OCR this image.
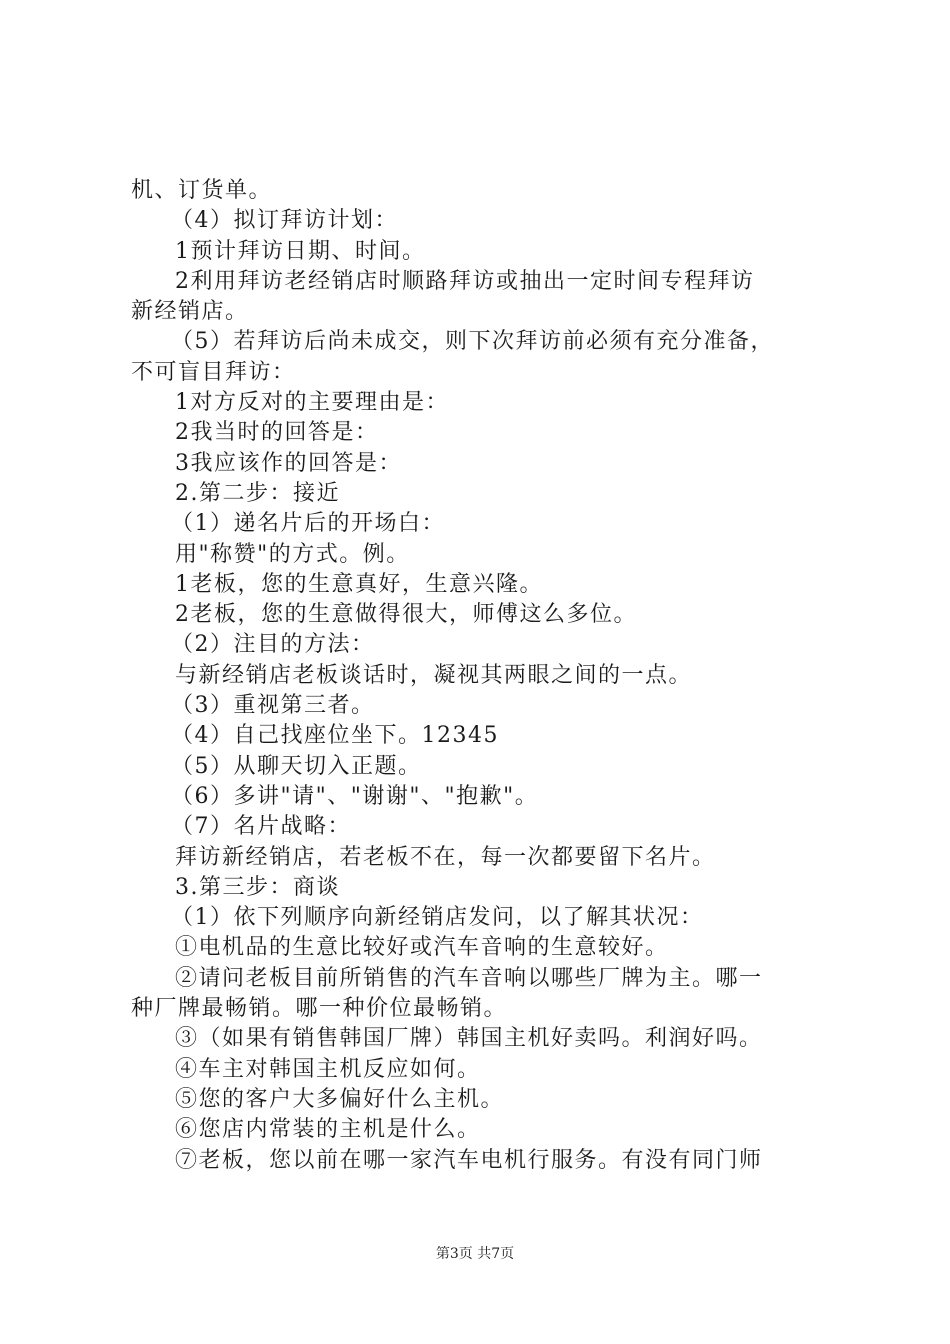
机、订货单。

（4）拟订拜访计划：

1预计拜访日期、时间。

2利用拜访老经销店时顺路拜访或抽出一定时间专程拜访

新经销店。

（5）若拜访后尚未成交，则下次拜访前必须有充分准备，

不可盲目拜访：

1对方反对的主要理由是：

2我当时的回答是：

3我应该作的回答是：

2.第二步：接近

（1）递名片后的开场白：

用"称赞"的方式。例。

1老板，您的生意真好，生意兴隆。

2老板，您的生意做得很大，师傅这么多位。

（2）注目的方法：

与新经销店老板谈话时，凝视其两眼之间的一点。

（3）重视第三者。

（4）自己找座位坐下。12345

（5）从聊天切入正题。

（6）多讲"请"、"谢谢"、"抱歉"。

（7）名片战略：

拜访新经销店，若老板不在，每一次都要留下名片。

3.第三步：商谈

（1）依下列顺序向新经销店发问，以了解其状况：

①电机品的生意比较好或汽车音响的生意较好。

②请问老板目前所销售的汽车音响以哪些厂牌为主。哪一

种厂牌最畅销。哪一种价位最畅销。

③（如果有销售韩国厂牌）韩国主机好卖吗。利润好吗。

④车主对韩国主机反应如何。

⑤您的客户大多偏好什么主机。

⑥您店内常装的主机是什么。

⑦老板，您以前在哪一家汽车电机行服务。有没有同门师

第3页 共7页
